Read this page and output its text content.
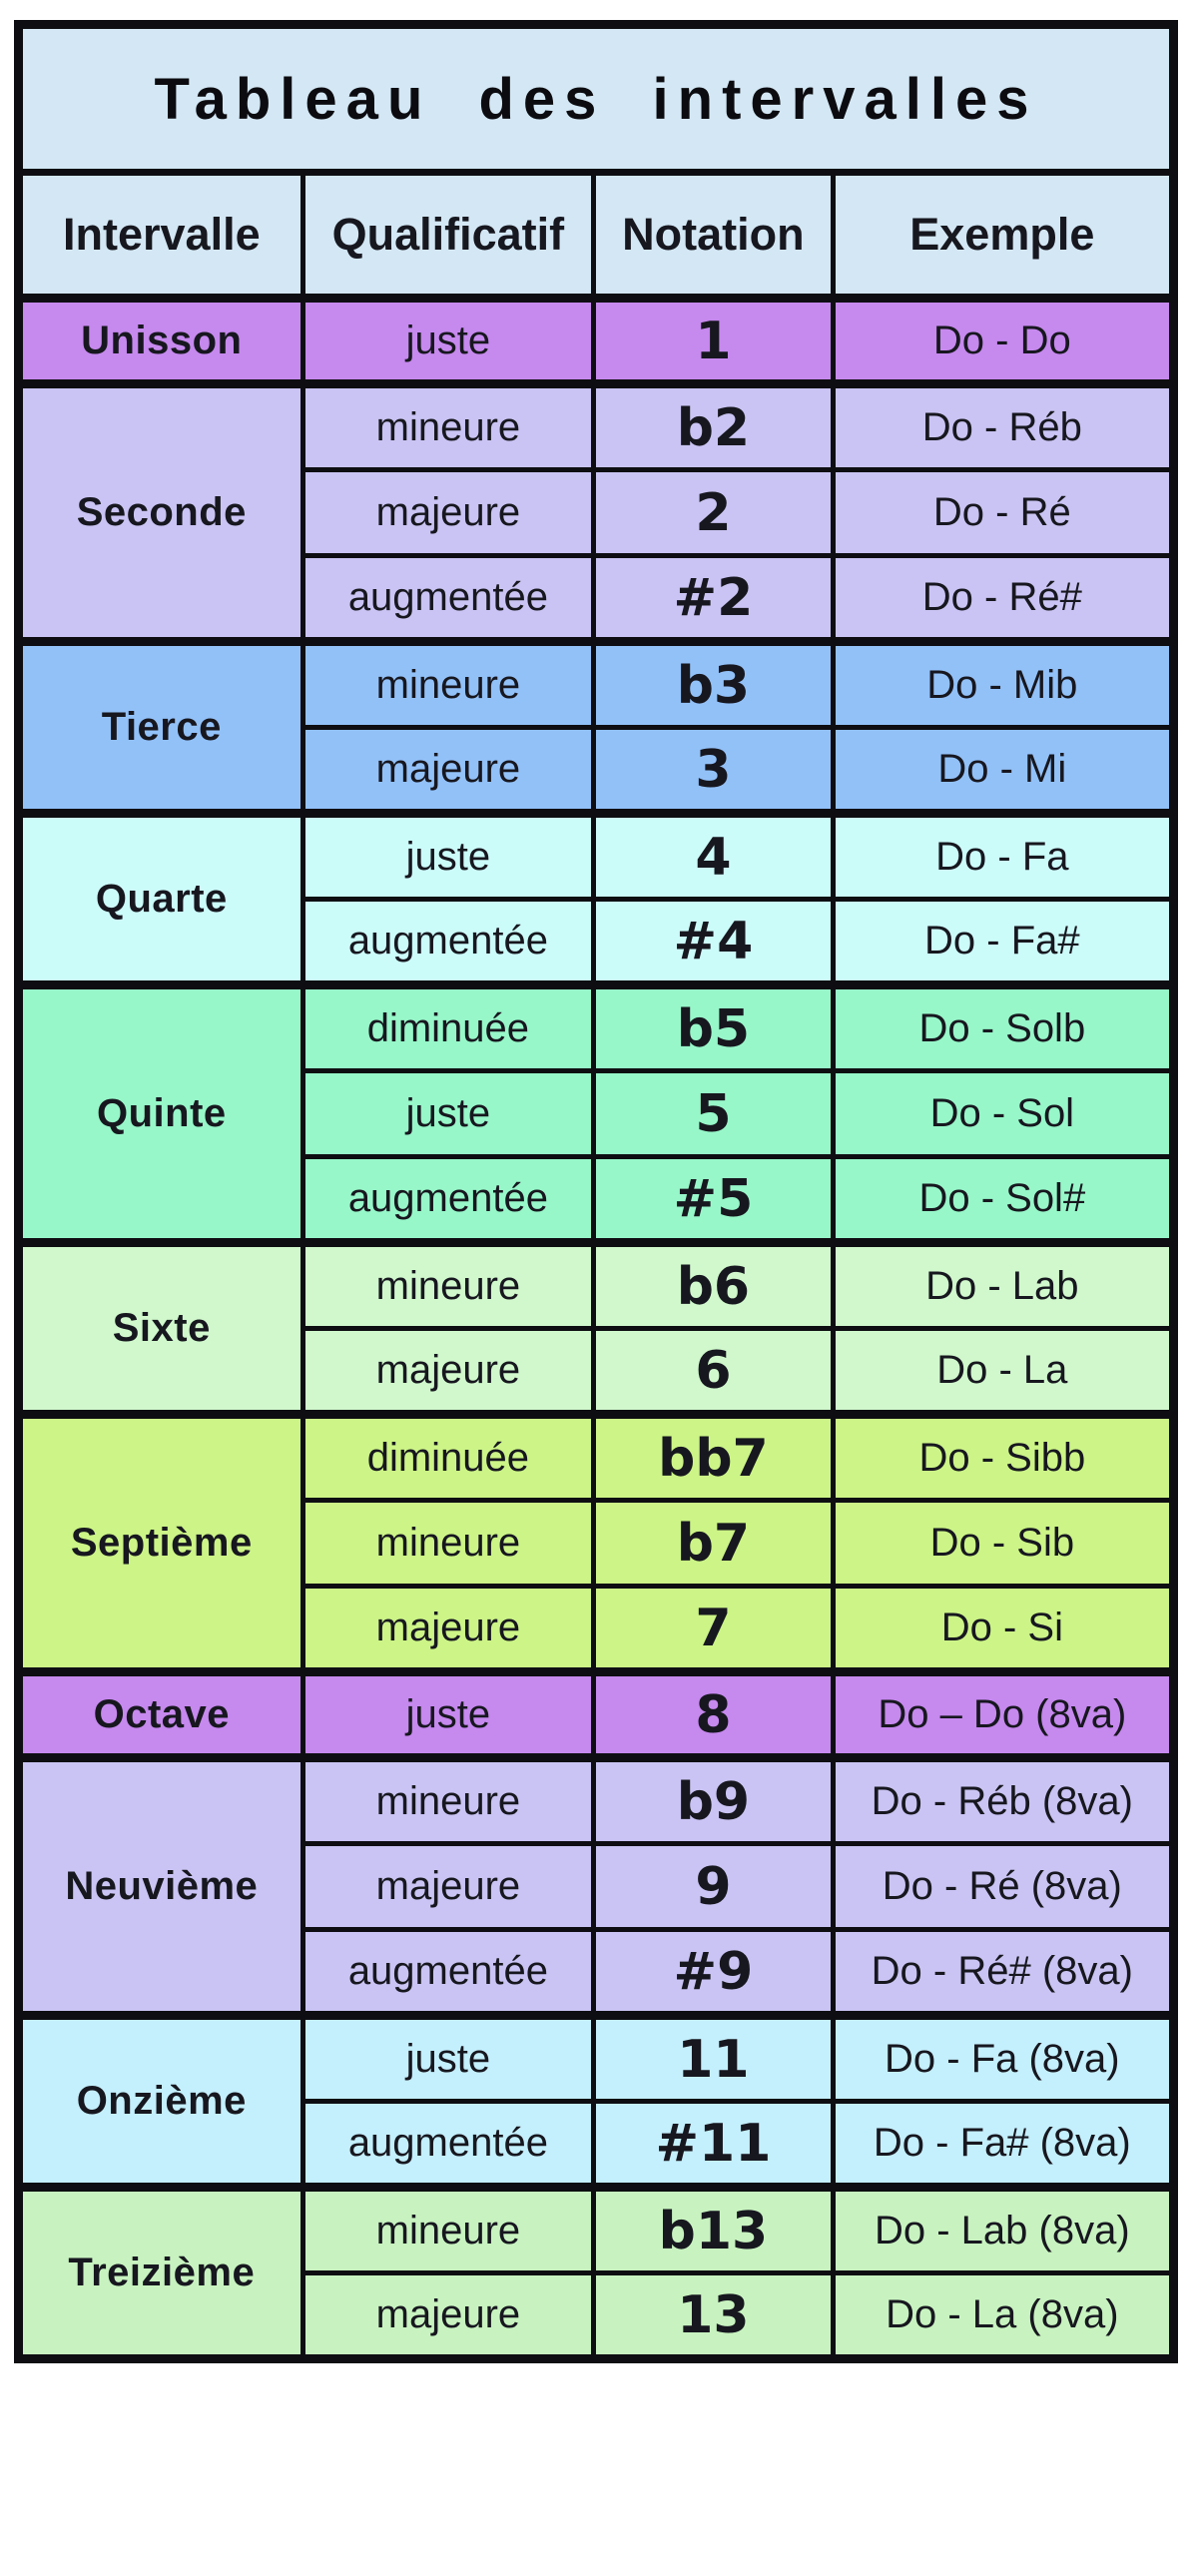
Tableau des intervalles			
Intervalle	Qualificatif	Notation	Exemple
Unisson	juste	1	Do - Do
Seconde	mineure	b2	Do - Réb
	majeure	2	Do - Ré
	augmentée	#2	Do - Ré#
Tierce	mineure	b3	Do - Mib
	majeure	3	Do - Mi
Quarte	juste	4	Do - Fa
	augmentée	#4	Do - Fa#
Quinte	diminuée	b5	Do - Solb
	juste	5	Do - Sol
	augmentée	#5	Do - Sol#
Sixte	mineure	b6	Do - Lab
	majeure	6	Do - La
Septième	diminuée	bb7	Do - Sibb
	mineure	b7	Do - Sib
	majeure	7	Do - Si
Octave	juste	8	Do – Do (8va)
Neuvième	mineure	b9	Do - Réb (8va)
	majeure	9	Do - Ré (8va)
	augmentée	#9	Do - Ré# (8va)
Onzième	juste	11	Do - Fa (8va)
	augmentée	#11	Do - Fa# (8va)
Treizième	mineure	b13	Do - Lab (8va)
	majeure	13	Do - La (8va)
